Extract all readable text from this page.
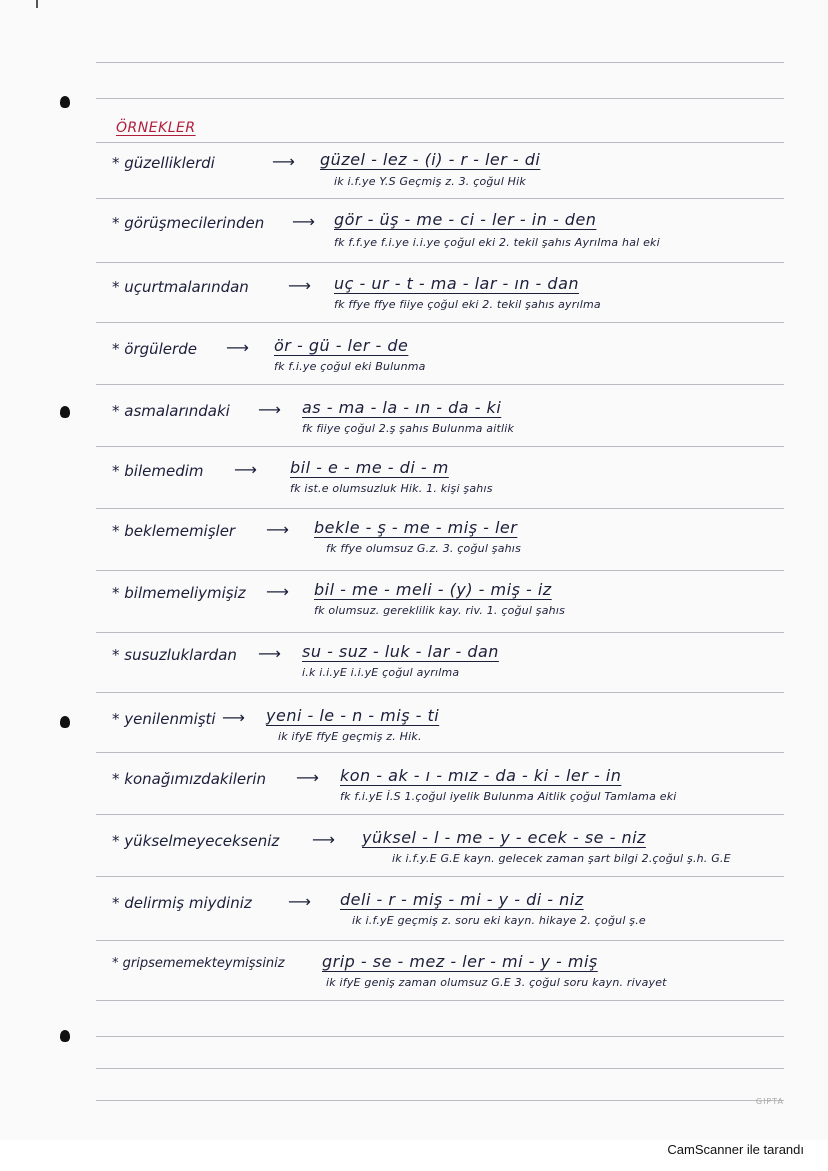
ÖRNEKLER
* güzelliklerdi	⟶ güzel - lez - (i) - r - ler - di
ik i.f.ye Y.S Geçmiş z. 3. çoğul Hik
* görüşmecilerinden ⟶ gör - üş - me - ci - ler - in - den
fk f.f.ye f.i.ye i.i.ye çoğul eki 2. tekil şahıs Ayrılma hal eki
* uçurtmalarından ⟶ uç - ur - t - ma - lar - ın - dan
fk ffye ffye fiiye çoğul eki 2. tekil şahıs ayrılma
* örgülerde ⟶ ör - gü - ler - de
fk f.i.ye çoğul eki Bulunma
* asmalarındaki ⟶ as - ma - la - ın - da - ki
fk fiiye çoğul 2.ş şahıs Bulunma aitlik
* bilemedim ⟶ bil - e - me - di - m
fk ist.e olumsuzluk Hik. 1. kişi şahıs
* beklememişler ⟶ bekle - ş - me - miş - ler
fk ffye olumsuz G.z. 3. çoğul şahıs
* bilmemeliymişiz ⟶ bil - me - meli - (y) - miş - iz
fk olumsuz. gereklilik kay. riv. 1. çoğul şahıs
* susuzluklardan ⟶ su - suz - luk - lar - dan
i.k i.i.yE i.i.yE çoğul ayrılma
* yenilenmişti ⟶ yeni - le - n - miş - ti
ik ifyE ffyE geçmiş z. Hik.
* konağımızdakilerin ⟶ kon - ak - ı - mız - da - ki - ler - in
fk f.i.yE İ.S 1.çoğul iyelik Bulunma Aitlik çoğul Tamlama eki
* yükselmeyecekseniz ⟶ yüksel - l - me - y - ecek - se - niz
ik i.f.y.E G.E kayn. gelecek zaman şart bilgi 2.çoğul ş.h. G.E
* delirmiş miydiniz ⟶ deli - r - miş - mi - y - di - niz
ik i.f.yE geçmiş z. soru eki kayn. hikaye 2. çoğul ş.e
* gripsememekteymişsiniz grip - se - mez - ler - mi - y - miş
ik ifyE geniş zaman olumsuz G.E 3. çoğul soru kayn. rivayet
GIPTA
CamScanner ile tarandı
